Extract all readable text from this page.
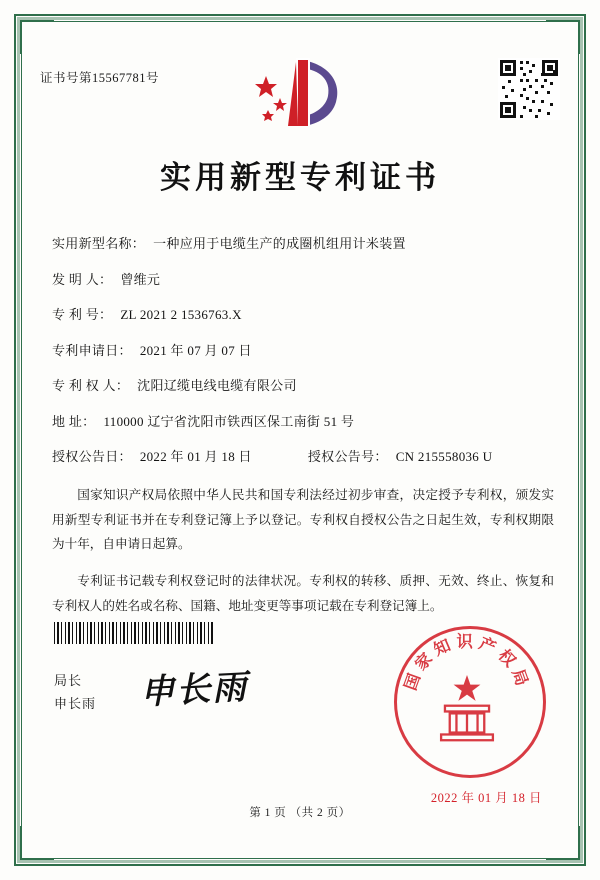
证书号第15567781号
实用新型专利证书
实用新型名称： 一种应用于电缆生产的成圈机组用计米装置
发 明 人： 曾维元
专 利 号： ZL 2021 2 1536763.X
专利申请日： 2021 年 07 月 07 日
专 利 权 人： 沈阳辽缆电线电缆有限公司
地 址： 110000 辽宁省沈阳市铁西区保工南街 51 号
授权公告日： 2022 年 01 月 18 日	授权公告号： CN 215558036 U

国家知识产权局依照中华人民共和国专利法经过初步审查，决定授予专利权，颁发实用新型专利证书并在专利登记簿上予以登记。专利权自授权公告之日起生效，专利权期限为十年，自申请日起算。

专利证书记载专利权登记时的法律状况。专利权的转移、质押、无效、终止、恢复和专利权人的姓名或名称、国籍、地址变更等事项记载在专利登记簿上。

局长
申长雨 申长雨	国家知识产权局
2022 年 01 月 18 日
第 1 页 （共 2 页）
